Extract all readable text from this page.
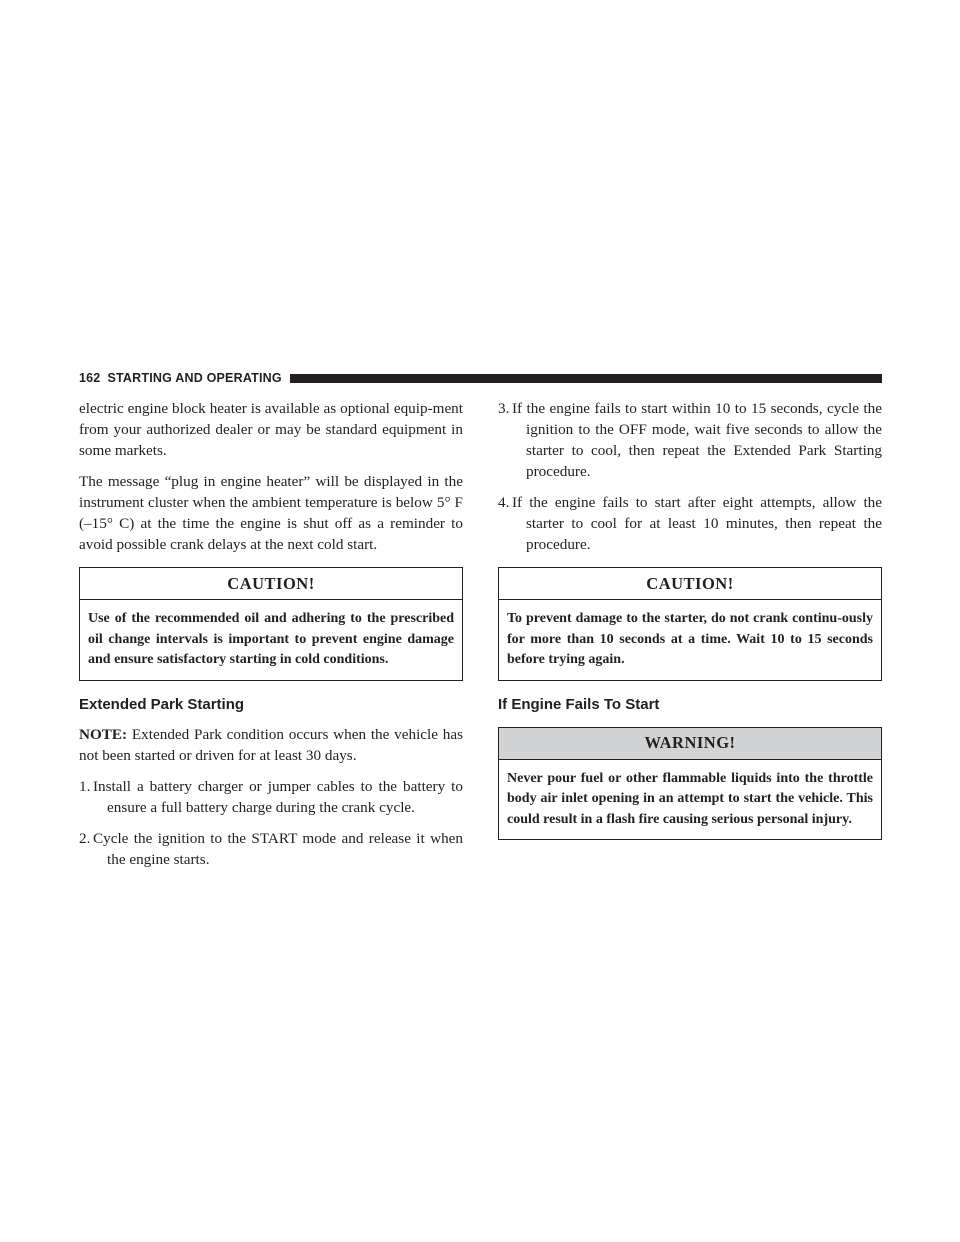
162 STARTING AND OPERATING

electric engine block heater is available as optional equip-ment from your authorized dealer or may be standard equipment in some markets.

The message “plug in engine heater” will be displayed in the instrument cluster when the ambient temperature is below 5° F (–15° C) at the time the engine is shut off as a reminder to avoid possible crank delays at the next cold start.

CAUTION!
Use of the recommended oil and adhering to the prescribed oil change intervals is important to prevent engine damage and ensure satisfactory starting in cold conditions.
Extended Park Starting

NOTE: Extended Park condition occurs when the vehicle has not been started or driven for at least 30 days.

1. Install a battery charger or jumper cables to the battery to ensure a full battery charge during the crank cycle.
2. Cycle the ignition to the START mode and release it when the engine starts.
3. If the engine fails to start within 10 to 15 seconds, cycle the ignition to the OFF mode, wait five seconds to allow the starter to cool, then repeat the Extended Park Starting procedure.
4. If the engine fails to start after eight attempts, allow the starter to cool for at least 10 minutes, then repeat the procedure.
CAUTION!
To prevent damage to the starter, do not crank continu-ously for more than 10 seconds at a time. Wait 10 to 15 seconds before trying again.
If Engine Fails To Start
WARNING!
Never pour fuel or other flammable liquids into the throttle body air inlet opening in an attempt to start the vehicle. This could result in a flash fire causing serious personal injury.
